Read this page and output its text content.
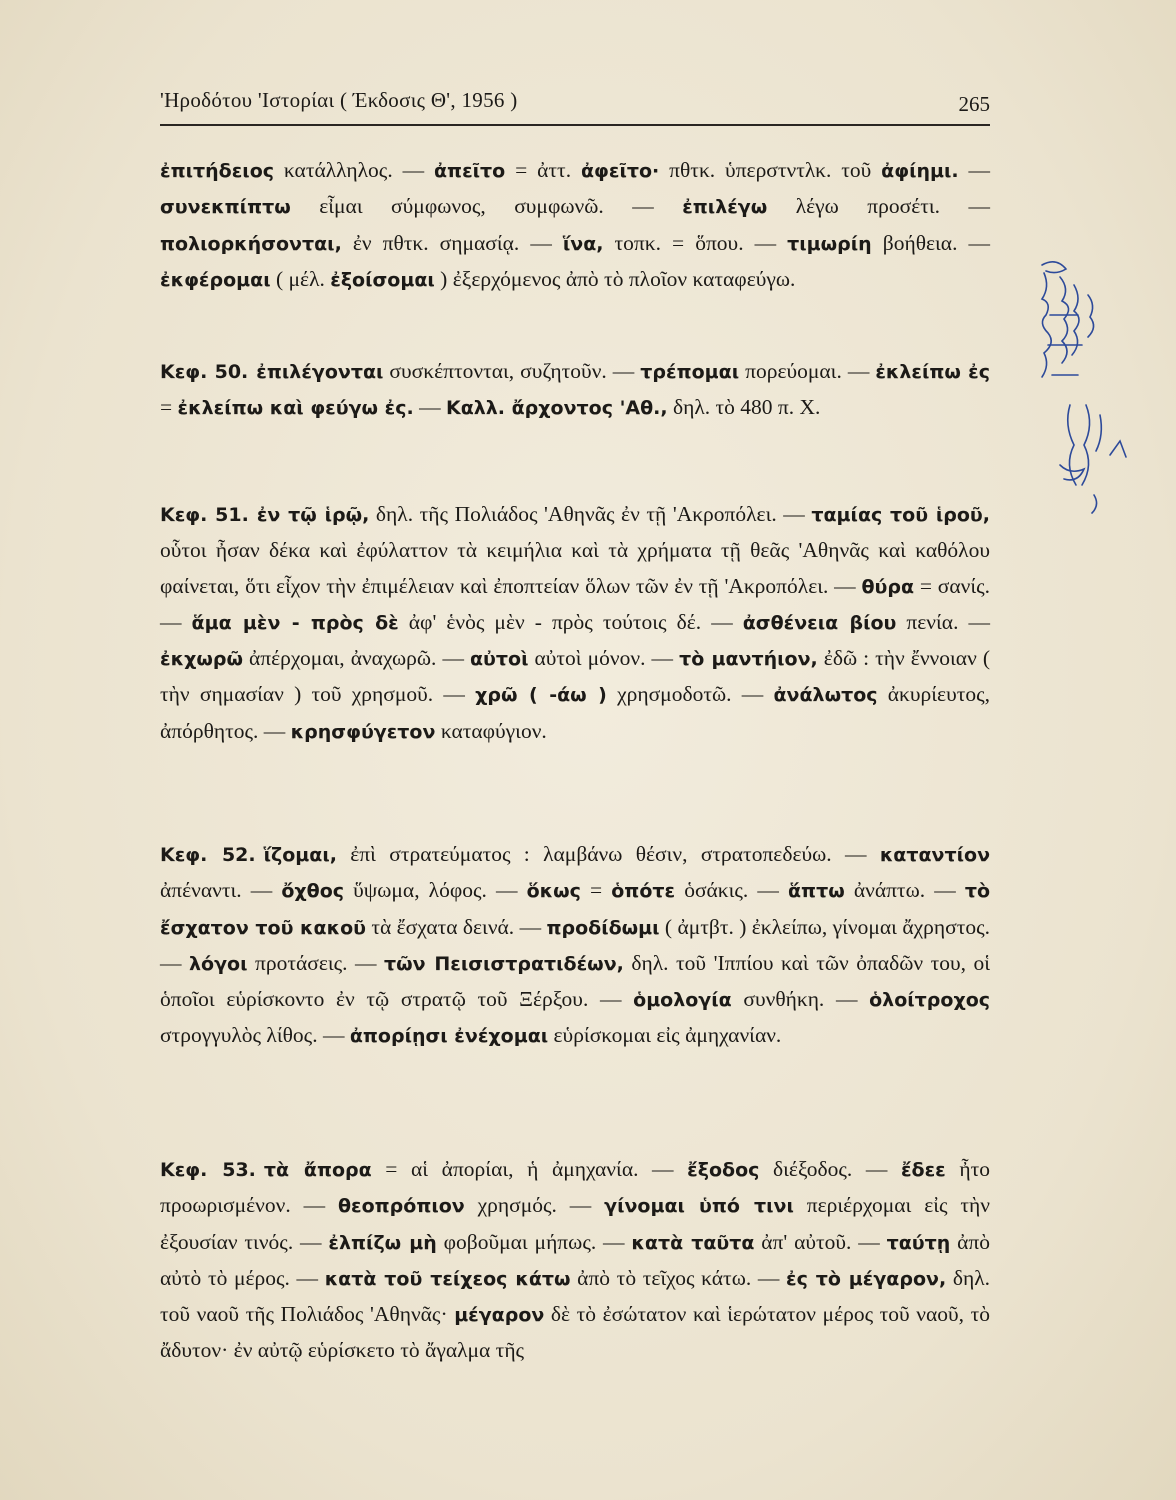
'Ηροδότου 'Ιστορίαι ( Έκδοσις Θ', 1956 )	265

ἐπιτήδειος κατάλληλος. — ἀπεῖτο = ἀττ. ἀφεῖτο· πθτκ. ὑπερστντλκ. τοῦ ἀφίημι. — συνεκπίπτω εἶμαι σύμφωνος, συμφωνῶ. — ἐπιλέγω λέγω προσέτι. — πολιορκήσονται, ἐν πθτκ. σημασίᾳ. — ἵνα, τοπκ. = ὅπου. — τιμωρίη βοήθεια. — ἐκφέρομαι ( μέλ. ἐξοίσομαι ) ἐξερχόμενος ἀπὸ τὸ πλοῖον καταφεύγω.

Κεφ. 50. ἐπιλέγονται συσκέπτονται, συζητοῦν. — τρέπομαι πορεύομαι. — ἐκλείπω ἐς = ἐκλείπω καὶ φεύγω ἐς. — Καλλ. ἄρχοντος 'Αθ., δηλ. τὸ 480 π. Χ.

Κεφ. 51. ἐν τῷ ἱρῷ, δηλ. τῆς Πολιάδος 'Αθηνᾶς ἐν τῇ 'Ακροπόλει. — ταμίας τοῦ ἱροῦ, οὗτοι ἦσαν δέκα καὶ ἐφύλαττον τὰ κειμήλια καὶ τὰ χρήματα τῇ θεᾶς 'Αθηνᾶς καὶ καθόλου φαίνεται, ὅτι εἶχον τὴν ἐπιμέλειαν καὶ ἐποπτείαν ὅλων τῶν ἐν τῇ 'Ακροπόλει. — θύρα = σανίς. — ἅμα μὲν - πρὸς δὲ ἀφ' ἑνὸς μὲν - πρὸς τούτοις δέ. — ἀσθένεια βίου πενία. — ἐκχωρῶ ἀπέρχομαι, ἀναχωρῶ. — αὐτοὶ αὐτοὶ μόνον. — τὸ μαντήιον, ἐδῶ : τὴν ἔννοιαν ( τὴν σημασίαν ) τοῦ χρησμοῦ. — χρῶ ( -άω ) χρησμοδοτῶ. — ἀνάλωτος ἀκυρίευτος, ἀπόρθητος. — κρησφύγετον καταφύγιον.

Κεφ. 52. ἵζομαι, ἐπὶ στρατεύματος : λαμβάνω θέσιν, στρατοπεδεύω. — καταντίον ἀπέναντι. — ὄχθος ὕψωμα, λόφος. — ὅκως = ὁπότε ὁσάκις. — ἅπτω ἀνάπτω. — τὸ ἔσχατον τοῦ κακοῦ τὰ ἔσχατα δεινά. — προδίδωμι ( ἀμτβτ. ) ἐκλείπω, γίνομαι ἄχρηστος. — λόγοι προτάσεις. — τῶν Πεισιστρατιδέων, δηλ. τοῦ 'Ιππίου καὶ τῶν ὀπαδῶν του, οἱ ὁποῖοι εὑρίσκοντο ἐν τῷ στρατῷ τοῦ Ξέρξου. — ὁμολογία συνθήκη. — ὁλοίτροχος στρογγυλὸς λίθος. — ἀπορίῃσι ἐνέχομαι εὑρίσκομαι εἰς ἀμηχανίαν.

Κεφ. 53. τὰ ἄπορα = αἱ ἀπορίαι, ἡ ἀμηχανία. — ἔξοδος διέξοδος. — ἔδεε ἦτο προωρισμένον. — θεοπρόπιον χρησμός. — γίνομαι ὑπό τινι περιέρχομαι εἰς τὴν ἐξουσίαν τινός. — ἐλπίζω μὴ φοβοῦμαι μήπως. — κατὰ ταῦτα ἀπ' αὐτοῦ. — ταύτῃ ἀπὸ αὐτὸ τὸ μέρος. — κατὰ τοῦ τείχεος κάτω ἀπὸ τὸ τεῖχος κάτω. — ἐς τὸ μέγαρον, δηλ. τοῦ ναοῦ τῆς Πολιάδος 'Αθηνᾶς· μέγαρον δὲ τὸ ἐσώτατον καὶ ἱερώτατον μέρος τοῦ ναοῦ, τὸ ἄδυτον· ἐν αὐτῷ εὑρίσκετο τὸ ἄγαλμα τῆς
